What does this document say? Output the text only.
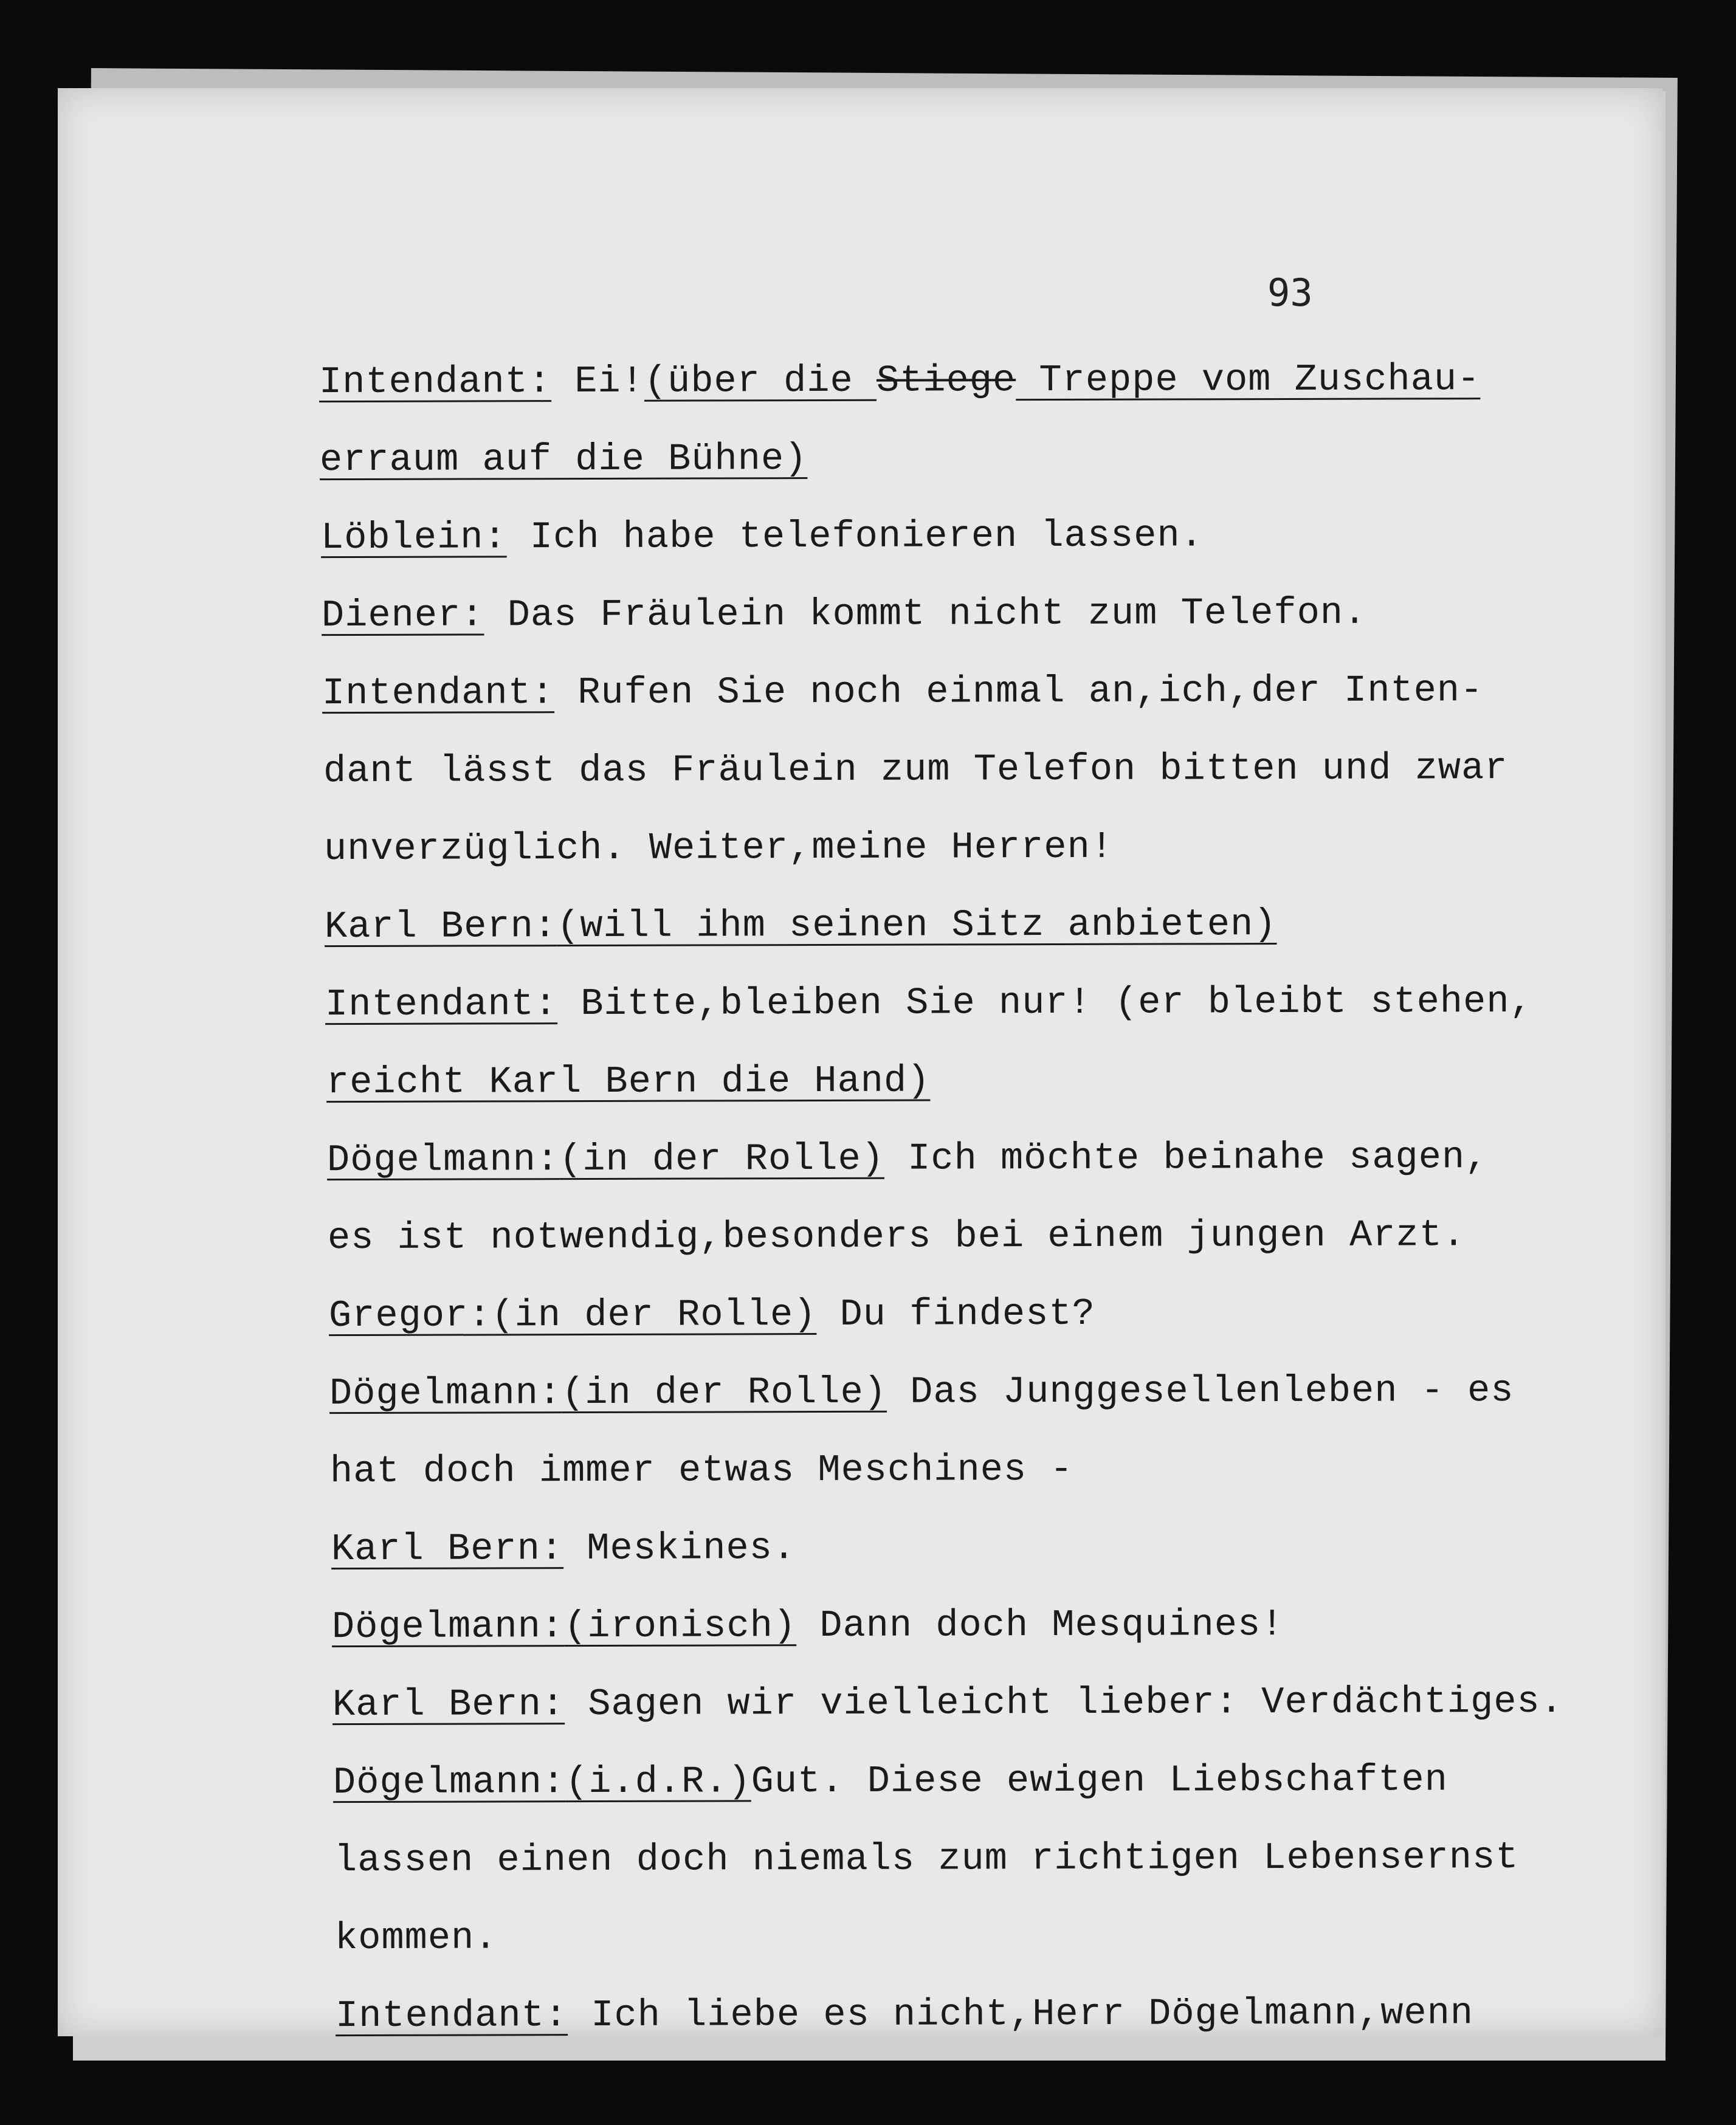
93
Intendant: Ei!(über die Stiege Treppe vom Zuschau-
erraum auf die Bühne)
Löblein: Ich habe telefonieren lassen.
Diener: Das Fräulein kommt nicht zum Telefon.
Intendant: Rufen Sie noch einmal an,ich,der Inten-
dant lässt das Fräulein zum Telefon bitten und zwar
unverzüglich. Weiter,meine Herren!
Karl Bern:(will ihm seinen Sitz anbieten)
Intendant: Bitte,bleiben Sie nur! (er bleibt stehen,
reicht Karl Bern die Hand)
Dögelmann:(in der Rolle) Ich möchte beinahe sagen,
es ist notwendig,besonders bei einem jungen Arzt.
Gregor:(in der Rolle) Du findest?
Dögelmann:(in der Rolle) Das Junggesellenleben - es
hat doch immer etwas Meschines -
Karl Bern: Meskines.
Dögelmann:(ironisch) Dann doch Mesquines!
Karl Bern: Sagen wir vielleicht lieber: Verdächtiges.
Dögelmann:(i.d.R.)Gut. Diese ewigen Liebschaften
lassen einen doch niemals zum richtigen Lebensernst
kommen.
Intendant: Ich liebe es nicht,Herr Dögelmann,wenn
